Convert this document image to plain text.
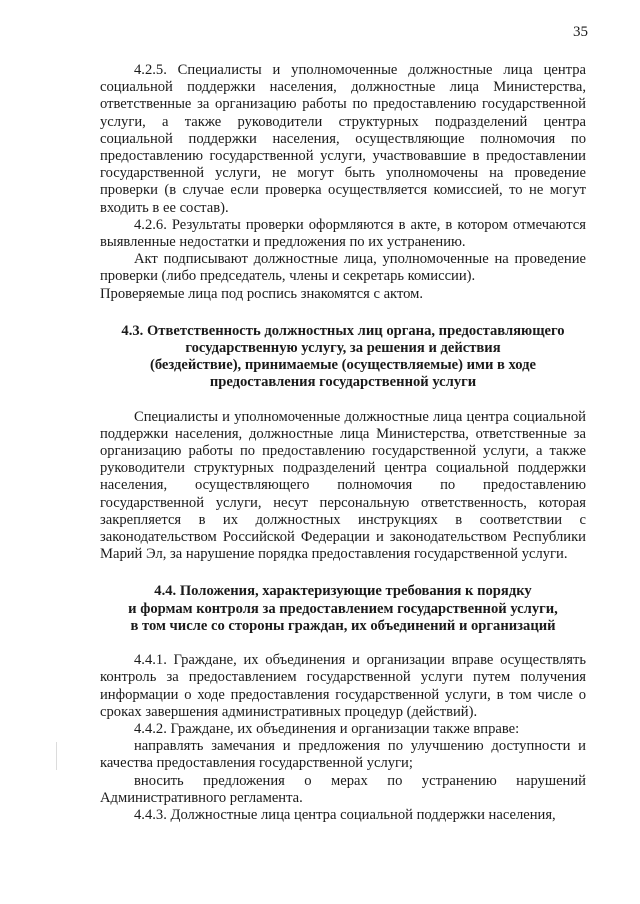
35

4.2.5. Специалисты и уполномоченные должностные лица центра социальной поддержки населения, должностные лица Министерства, ответственные за организацию работы по предоставлению государственной услуги, а также руководители структурных подразделений центра социальной поддержки населения, осуществляющие полномочия по предоставлению государственной услуги, участвовавшие в предоставлении государственной услуги, не могут быть уполномочены на проведение проверки (в случае если проверка осуществляется комиссией, то не могут входить в ее состав).

4.2.6. Результаты проверки оформляются в акте, в котором отмечаются выявленные недостатки и предложения по их устранению.

Акт подписывают должностные лица, уполномоченные на проведение проверки (либо председатель, члены и секретарь комиссии).

Проверяемые лица под роспись знакомятся с актом.

4.3. Ответственность должностных лиц органа, предоставляющего
государственную услугу, за решения и действия
(бездействие), принимаемые (осуществляемые) ими в ходе
предоставления государственной услуги

Специалисты и уполномоченные должностные лица центра социальной поддержки населения, должностные лица Министерства, ответственные за организацию работы по предоставлению государственной услуги, а также руководители структурных подразделений центра социальной поддержки населения, осуществляющего полномочия по предоставлению государственной услуги, несут персональную ответственность, которая закрепляется в их должностных инструкциях в соответствии с законодательством Российской Федерации и законодательством Республики Марий Эл, за нарушение порядка предоставления государственной услуги.

4.4. Положения, характеризующие требования к порядку
и формам контроля за предоставлением государственной услуги,
в том числе со стороны граждан, их объединений и организаций

4.4.1. Граждане, их объединения и организации вправе осуществлять контроль за предоставлением государственной услуги путем получения информации о ходе предоставления государственной услуги, в том числе о сроках завершения административных процедур (действий).

4.4.2. Граждане, их объединения и организации также вправе:

направлять замечания и предложения по улучшению доступности и качества предоставления государственной услуги;

вносить предложения о мерах по устранению нарушений Административного регламента.

4.4.3. Должностные лица центра социальной поддержки населения,
